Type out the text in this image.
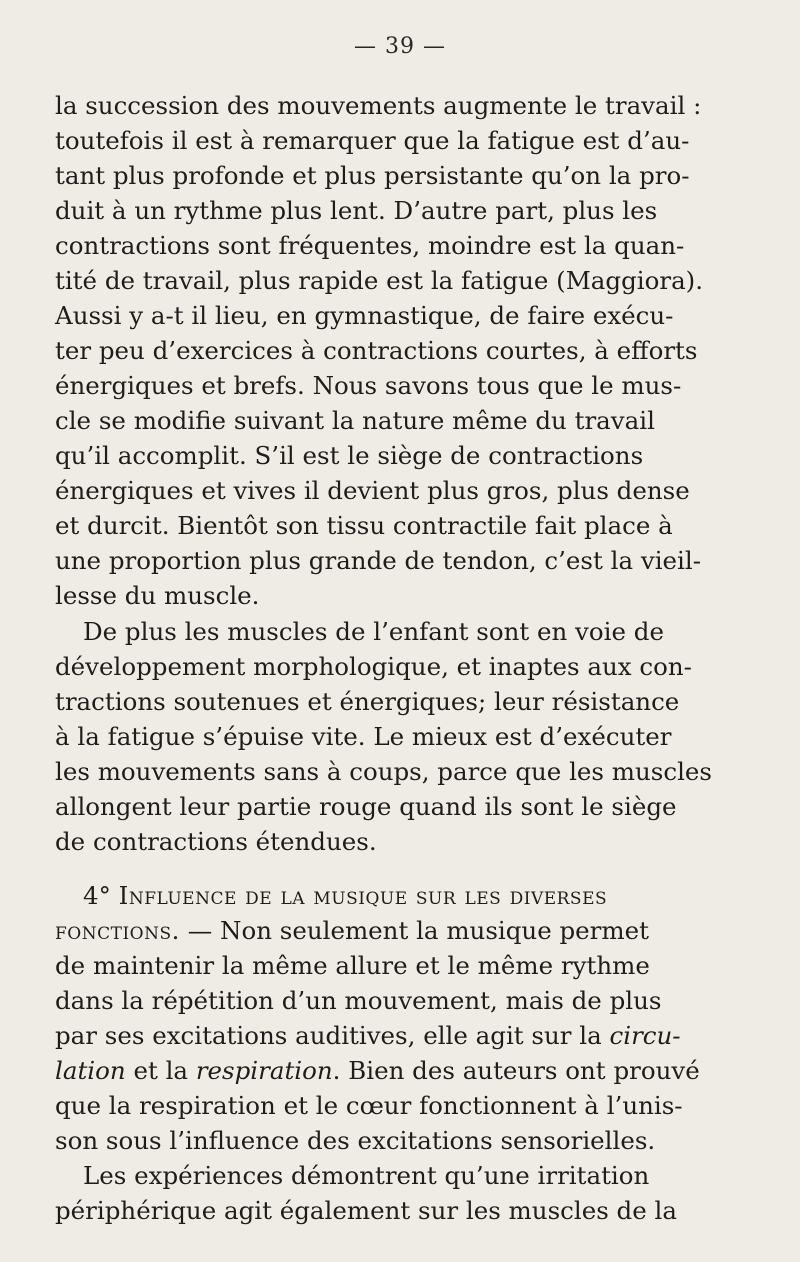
— 39 —
la succession des mouvements augmente le travail :
toutefois il est à remarquer que la fatigue est d’au-
tant plus profonde et plus persistante qu’on la pro-
duit à un rythme plus lent. D’autre part, plus les
contractions sont fréquentes, moindre est la quan-
tité de travail, plus rapide est la fatigue (Maggiora).
Aussi y a-t il lieu, en gymnastique, de faire exécu-
ter peu d’exercices à contractions courtes, à efforts
énergiques et brefs. Nous savons tous que le mus-
cle se modifie suivant la nature même du travail
qu’il accomplit. S’il est le siège de contractions
énergiques et vives il devient plus gros, plus dense
et durcit. Bientôt son tissu contractile fait place à
une proportion plus grande de tendon, c’est la vieil-
lesse du muscle.
De plus les muscles de l’enfant sont en voie de
développement morphologique, et inaptes aux con-
tractions soutenues et énergiques; leur résistance
à la fatigue s’épuise vite. Le mieux est d’exécuter
les mouvements sans à coups, parce que les muscles
allongent leur partie rouge quand ils sont le siège
de contractions étendues.
4° Influence de la musique sur les diverses
fonctions. — Non seulement la musique permet
de maintenir la même allure et le même rythme
dans la répétition d’un mouvement, mais de plus
par ses excitations auditives, elle agit sur la circu-
lation et la respiration. Bien des auteurs ont prouvé
que la respiration et le cœur fonctionnent à l’unis-
son sous l’influence des excitations sensorielles.
Les expériences démontrent qu’une irritation
périphérique agit également sur les muscles de la
